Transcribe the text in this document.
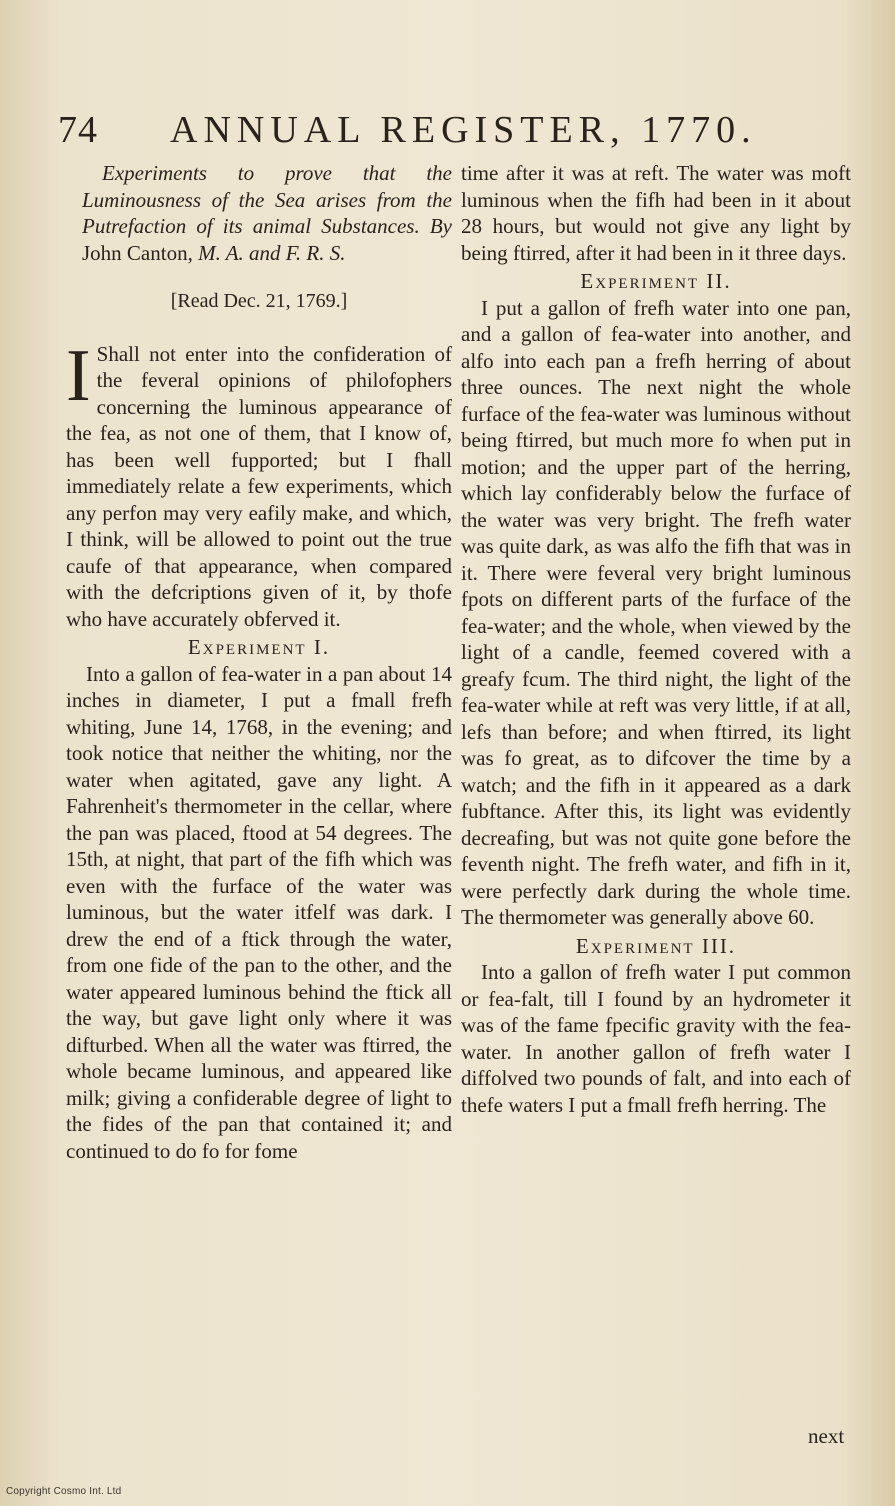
74 ANNUAL REGISTER, 1770.

Experiments to prove that the Luminousness of the Sea arises from the Putrefaction of its animal Substances. By John Canton, M. A. and F. R. S.

[Read Dec. 21, 1769.]

I Shall not enter into the confideration of the feveral opinions of philofophers concerning the luminous appearance of the fea, as not one of them, that I know of, has been well fupported; but I fhall immediately relate a few experiments, which any perfon may very eafily make, and which, I think, will be allowed to point out the true caufe of that appearance, when compared with the defcriptions given of it, by thofe who have accurately obferved it.

Experiment I.

Into a gallon of fea-water in a pan about 14 inches in diameter, I put a fmall frefh whiting, June 14, 1768, in the evening; and took notice that neither the whiting, nor the water when agitated, gave any light. A Fahrenheit's thermometer in the cellar, where the pan was placed, ftood at 54 degrees. The 15th, at night, that part of the fifh which was even with the furface of the water was luminous, but the water itfelf was dark. I drew the end of a ftick through the water, from one fide of the pan to the other, and the water appeared luminous behind the ftick all the way, but gave light only where it was difturbed. When all the water was ftirred, the whole became luminous, and appeared like milk; giving a confiderable degree of light to the fides of the pan that contained it; and continued to do fo for fome

time after it was at reft. The water was moft luminous when the fifh had been in it about 28 hours, but would not give any light by being ftirred, after it had been in it three days.

Experiment II.

I put a gallon of frefh water into one pan, and a gallon of fea-water into another, and alfo into each pan a frefh herring of about three ounces. The next night the whole furface of the fea-water was luminous without being ftirred, but much more fo when put in motion; and the upper part of the herring, which lay confiderably below the furface of the water was very bright. The frefh water was quite dark, as was alfo the fifh that was in it. There were feveral very bright luminous fpots on different parts of the furface of the fea-water; and the whole, when viewed by the light of a candle, feemed covered with a greafy fcum. The third night, the light of the fea-water while at reft was very little, if at all, lefs than before; and when ftirred, its light was fo great, as to difcover the time by a watch; and the fifh in it appeared as a dark fubftance. After this, its light was evidently decreafing, but was not quite gone before the feventh night. The frefh water, and fifh in it, were perfectly dark during the whole time. The thermometer was generally above 60.

Experiment III.

Into a gallon of frefh water I put common or fea-falt, till I found by an hydrometer it was of the fame fpecific gravity with the fea-water. In another gallon of frefh water I diffolved two pounds of falt, and into each of thefe waters I put a fmall frefh herring. The

next
Copyright Cosmo Int. Ltd
